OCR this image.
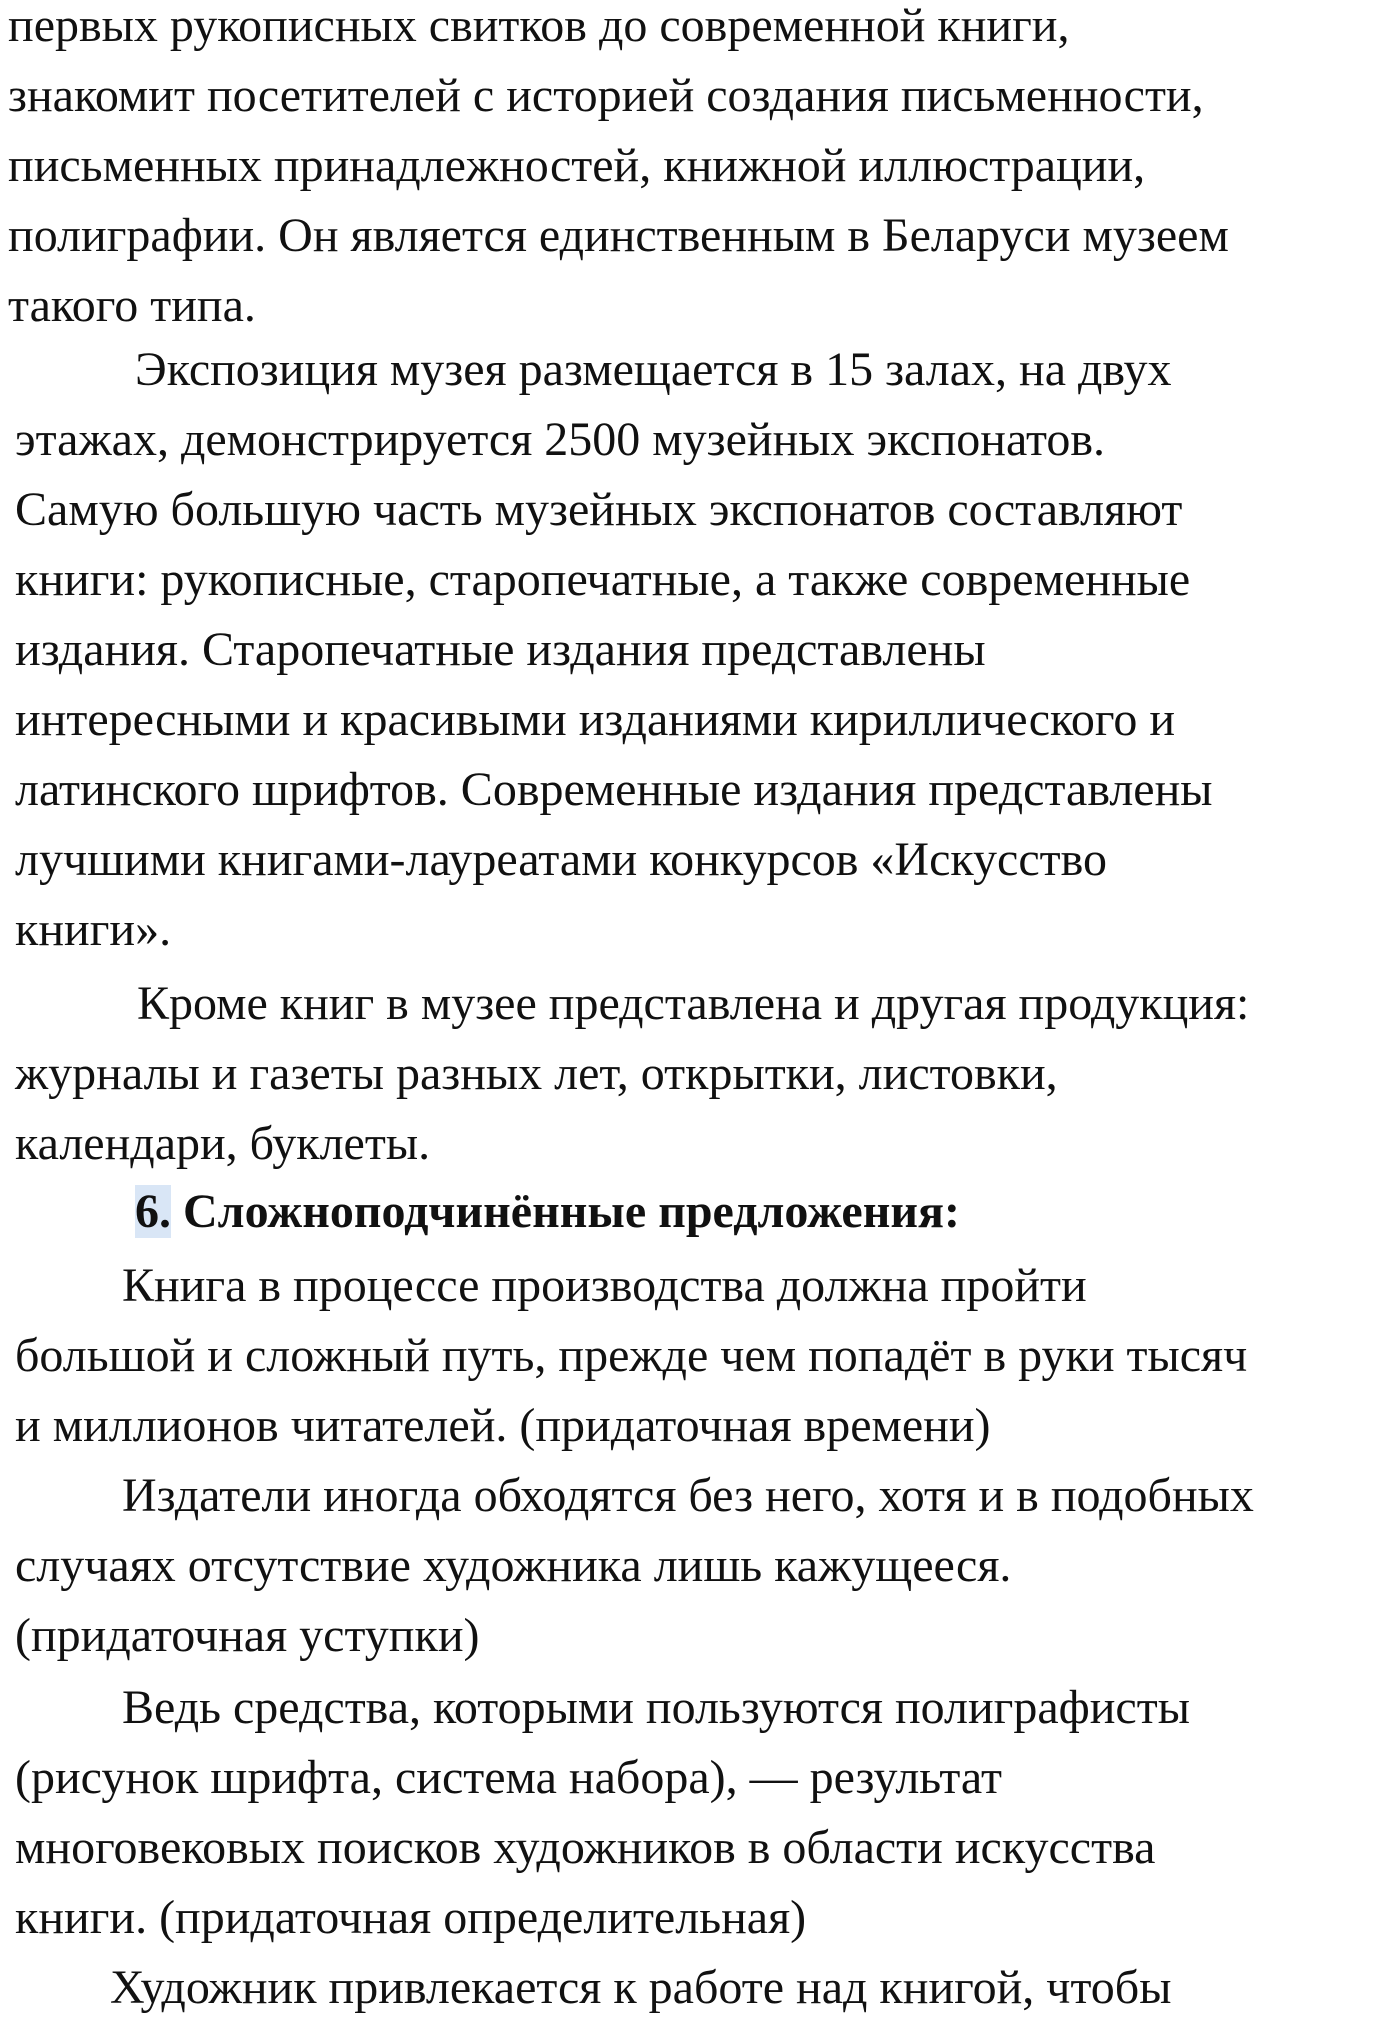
первых рукописных свитков до современной книги,
знакомит посетителей с историей создания письменности,
письменных принадлежностей, книжной иллюстрации,
полиграфии. Он является единственным в Беларуси музеем
такого типа.
Экспозиция музея размещается в 15 залах, на двух
этажах, демонстрируется 2500 музейных экспонатов.
Самую большую часть музейных экспонатов составляют
книги: рукописные, старопечатные, а также современные
издания. Старопечатные издания представлены
интересными и красивыми изданиями кириллического и
латинского шрифтов. Современные издания представлены
лучшими книгами-лауреатами конкурсов «Искусство
книги».
Кроме книг в музее представлена и другая продукция:
журналы и газеты разных лет, открытки, листовки,
календари, буклеты.
6. Сложноподчинённые предложения:
Книга в процессе производства должна пройти
большой и сложный путь, прежде чем попадёт в руки тысяч
и миллионов читателей. (придаточная времени)
Издатели иногда обходятся без него, хотя и в подобных
случаях отсутствие художника лишь кажущееся.
(придаточная уступки)
Ведь средства, которыми пользуются полиграфисты
(рисунок шрифта, система набора), — результат
многовековых поисков художников в области искусства
книги. (придаточная определительная)
Художник привлекается к работе над книгой, чтобы
